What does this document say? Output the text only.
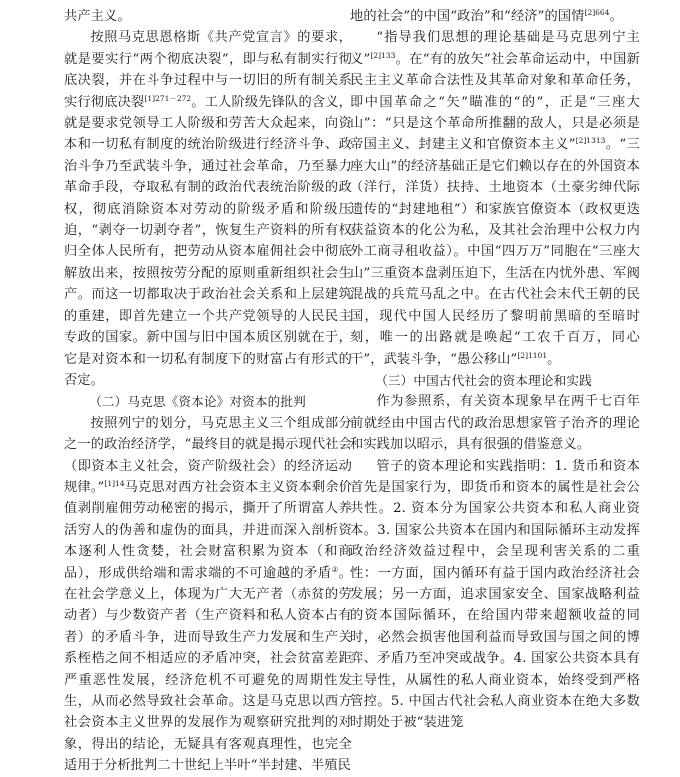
共产主义。

按照马克思恩格斯《共产党宣言》的要求，就是要实行“两个彻底决裂”，即与私有制实行彻底决裂，并在斗争过程中与一切旧的所有制关系实行彻底决裂$^{[1]271-272}$。工人阶级先锋队的含义，就是要求党领导工人阶级和劳苦大众起来，向资本和一切私有制度的统治阶级进行经济斗争、政治斗争乃至武装斗争，通过社会革命，乃至暴力革命手段，夺取私有制的政治代表统治阶级的政权，彻底消除资本对劳动的阶级矛盾和阶级压迫，“剥夺一切剥夺者”，恢复生产资料的所有权归全体人民所有，把劳动从资本雇佣社会中彻底解放出来，按照按劳分配的原则重新组织社会生产。而这一切都取决于政治社会关系和上层建筑的重建，即首先建立一个共产党领导的人民民主专政的国家。新中国与旧中国本质区别就在于，它是对资本和一切私有制度下的财富占有形式的否定。

（二）马克思《资本论》对资本的批判

按照列宁的划分，马克思主义三个组成部分之一的政治经济学，“最终目的就是揭示现代社会（即资本主义社会，资产阶级社会）的经济运动规律。”$^{[1]14}$马克思对西方社会资本主义资本剩余价值剥削雇佣劳动秘密的揭示，撕开了所谓富人养活穷人的伪善和虚伪的面具，并进而深入剖析资本逐利人性贪婪，社会财富积累为资本（和商品），形成供给端和需求端的不可逾越的矛盾②。在社会学意义上，体现为广大无产者（赤贫的劳动者）与少数资产者（生产资料和私人资本占有者）的矛盾斗争，进而导致生产力发展和生产关系桎梏之间不相适应的矛盾冲突，社会贫富差距严重恶性发展，经济危机不可避免的周期性发生，从而必然导致社会革命。这是马克思以西方社会资本主义世界的发展作为观察研究批判的对象，得出的结论，无疑具有客观真理性，也完全适用于分析批判二十世纪上半叶“半封建、半殖民

地的社会”的中国“政治”和“经济”的国情$^{[2]664}$。

“指导我们思想的理论基础是马克思列宁主义”$^{[2]133}$。在“有的放矢”社会革命运动中，中国新民主主义革命合法性及其革命对象和革命任务，即中国革命之“矢”瞄准的“的”，正是“三座大山”：“只是这个革命所推翻的敌人，只是必须是帝国主义、封建主义和官僚资本主义”$^{[2]1313}$。“三座大山”的经济基础正是它们赖以存在的外国资本（洋行，洋货）扶持、土地资本（土豪劣绅代际遗传的“封建地租”）和家族官僚资本（政权更迭获益资本的化公为私，及其社会治理中公权力内外工商寻租收益）。中国“四万万”同胞在“三座大山”三重资本盘剥压迫下，生活在内忧外患、军阀混战的兵荒马乱之中。在古代社会末代王朝的民国，现代中国人民经历了黎明前黑暗的至暗时刻，唯一的出路就是唤起“工农千百万，同心干”，武装斗争，“愚公移山”$^{[2]1101}$。

（三）中国古代社会的资本理论和实践

作为参照系，有关资本现象早在两千七百年前就经由中国古代的政治思想家管子治齐的理论和实践加以昭示，具有很强的借鉴意义。

管子的资本理论和实践指明：1. 货币和资本首先是国家行为，即货币和资本的属性是社会公共性。2. 资本分为国家公共资本和私人商业资本。3. 国家公共资本在国内和国际循环主动发挥政治经济效益过程中，会呈现利害关系的二重性：一方面，国内循环有益于国内政治经济社会发展；另一方面，追求国家安全、国家战略利益的资本国际循环，在给国内带来超额收益的同时，必然会损害他国利益而导致国与国之间的博弈、矛盾乃至冲突或战争。4. 国家公共资本具有主导性，从属性的私人商业资本，始终受到严格管控。5. 中国古代社会私人商业资本在绝大多数时期处于被“装进笼
